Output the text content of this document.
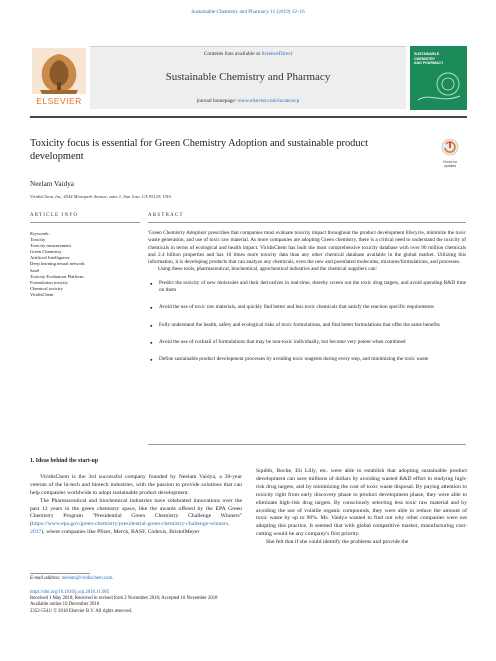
Sustainable Chemistry and Pharmacy 11 (2019) 12–16
ELSEVIER
Contents lists available at ScienceDirect
Sustainable Chemistry and Pharmacy
journal homepage: www.elsevier.com/locate/scp
SUSTAINABLE
CHEMISTRY
AND PHARMACY
Toxicity focus is essential for Green Chemistry Adoption and sustainable product development	Check for
updates
Neelam Vaidya
ViridisChem, Inc, 4544 Moorpark Avenue, suite 1, San Jose, CA 95129, USA
ARTICLE INFO	ABSTRACT
Keywords:
Toxicity
Toxicity measurement
Green Chemistry
Artificial Intelligence
Deep learning neural network
SaaS
Toxicity Evaluation Platform
Formulation toxicity
Chemical toxicity
ViridisChem

'Green Chemistry Adoption' prescribes that companies must evaluate toxicity impact throughout the product development lifecycle, minimize the toxic waste generation, and use of toxic raw material. As more companies are adopting Green chemistry, there is a critical need to understand the toxicity of chemicals in terms of ecological and health impact. ViridisChem has built the most comprehensive toxicity database with over 90 million chemicals and 2.4 billion properties and has 10 times more toxicity data than any other chemical database available in the global market. Utilizing this information, it is developing products that can analyze any chemicals, even the new and postulated molecules, mixtures/formulations, and processes.

Using these tools, pharmaceutical, biochemical, agrochemical industries and the chemical suppliers can:

● Predict the toxicity of new molecules and their derivatives in real-time, thereby screen out the toxic drug targets, and avoid spending R&D time on them
● Avoid the use of toxic raw materials, and quickly find better and less toxic chemicals that satisfy the reaction specific requirements
● Fully understand the health, safety and ecological risks of toxic formulations, and find better formulations that offer the same benefits
● Avoid the use of cocktail of formulations that may be non-toxic individually, but become very potent when combined
● Define sustainable product development processes by avoiding toxic reagents during every step, and minimizing the toxic waste
1. Ideas behind the start-up

ViridisChem is the 3rd successful company founded by Neelam Vaidya, a 30-year veteran of the hi-tech and biotech industries, with the passion to provide solutions that can help companies worldwide to adopt sustainable product development.

The Pharmaceutical and biochemical industries have celebrated innovations over the past 12 years in the green chemistry space, like the awards offered by the EPA Green Chemistry Program "Presidential Green Chemistry Challenge Winners" (https://www.epa.gov/green-chemistry/presidential-green-chemistry-challenge-winners, 2017), where companies like Pfizer, Merck, BASF, Codexis, BristolMeyer

Squibb, Roche, Eli Lilly, etc. were able to establish that adopting sustainable product development can save millions of dollars by avoiding wasted R&D effort in studying high-risk drug targets, and by minimizing the cost of toxic waste disposal. By paying attention to toxicity right from early discovery phase to product development phase, they were able to eliminate high-risk drug targets. By consciously selecting less toxic raw material and by avoiding the use of volatile organic compounds, they were able to reduce the amount of toxic waste by up to 90%. Ms. Vaidya wanted to find out why other companies were not adopting this practice. It seemed that with global competitive market, manufacturing cost-cutting would be any company's first priority.

She felt that if she could identify the problems and provide the

E-mail address: neelam@viridischem.com.
https://doi.org/10.1016/j.scp.2018.11.005
Received 1 May 2018; Received in revised form 2 November 2018; Accepted 10 November 2018
Available online 10 December 2018
2352-5541/ © 2018 Elsevier B.V. All rights reserved.
